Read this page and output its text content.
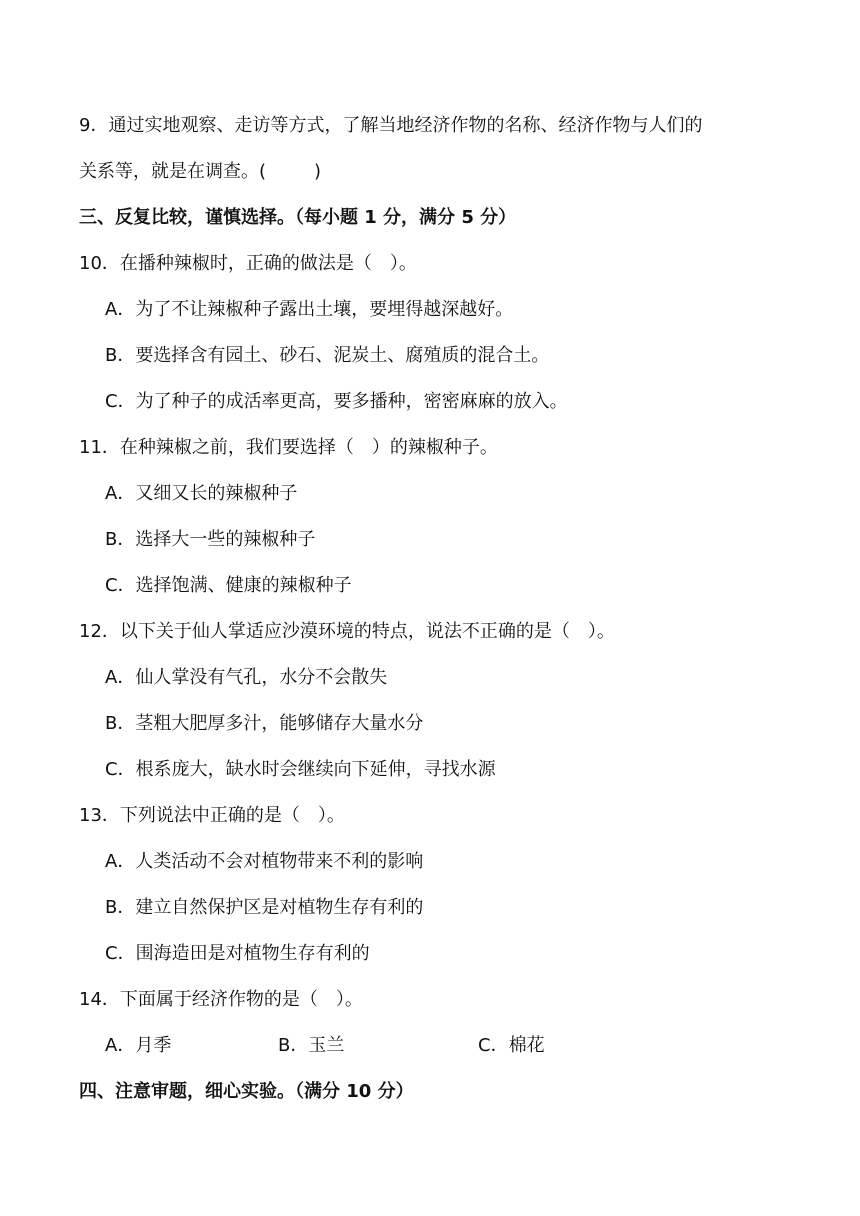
9．通过实地观察、走访等方式，了解当地经济作物的名称、经济作物与人们的
关系等，就是在调查。(	)
三、反复比较，谨慎选择。（每小题 1 分，满分 5 分）
10．在播种辣椒时，正确的做法是（　）。
A．为了不让辣椒种子露出土壤，要埋得越深越好。
B．要选择含有园土、砂石、泥炭土、腐殖质的混合土。
C．为了种子的成活率更高，要多播种，密密麻麻的放入。
11．在种辣椒之前，我们要选择（　）的辣椒种子。
A．又细又长的辣椒种子
B．选择大一些的辣椒种子
C．选择饱满、健康的辣椒种子
12．以下关于仙人掌适应沙漠环境的特点，说法不正确的是（　）。
A．仙人掌没有气孔，水分不会散失
B．茎粗大肥厚多汁，能够储存大量水分
C．根系庞大，缺水时会继续向下延伸，寻找水源
13．下列说法中正确的是（　）。
A．人类活动不会对植物带来不利的影响
B．建立自然保护区是对植物生存有利的
C．围海造田是对植物生存有利的
14．下面属于经济作物的是（　）。
A．月季	B．玉兰	C．棉花
四、注意审题，细心实验。（满分 10 分）
